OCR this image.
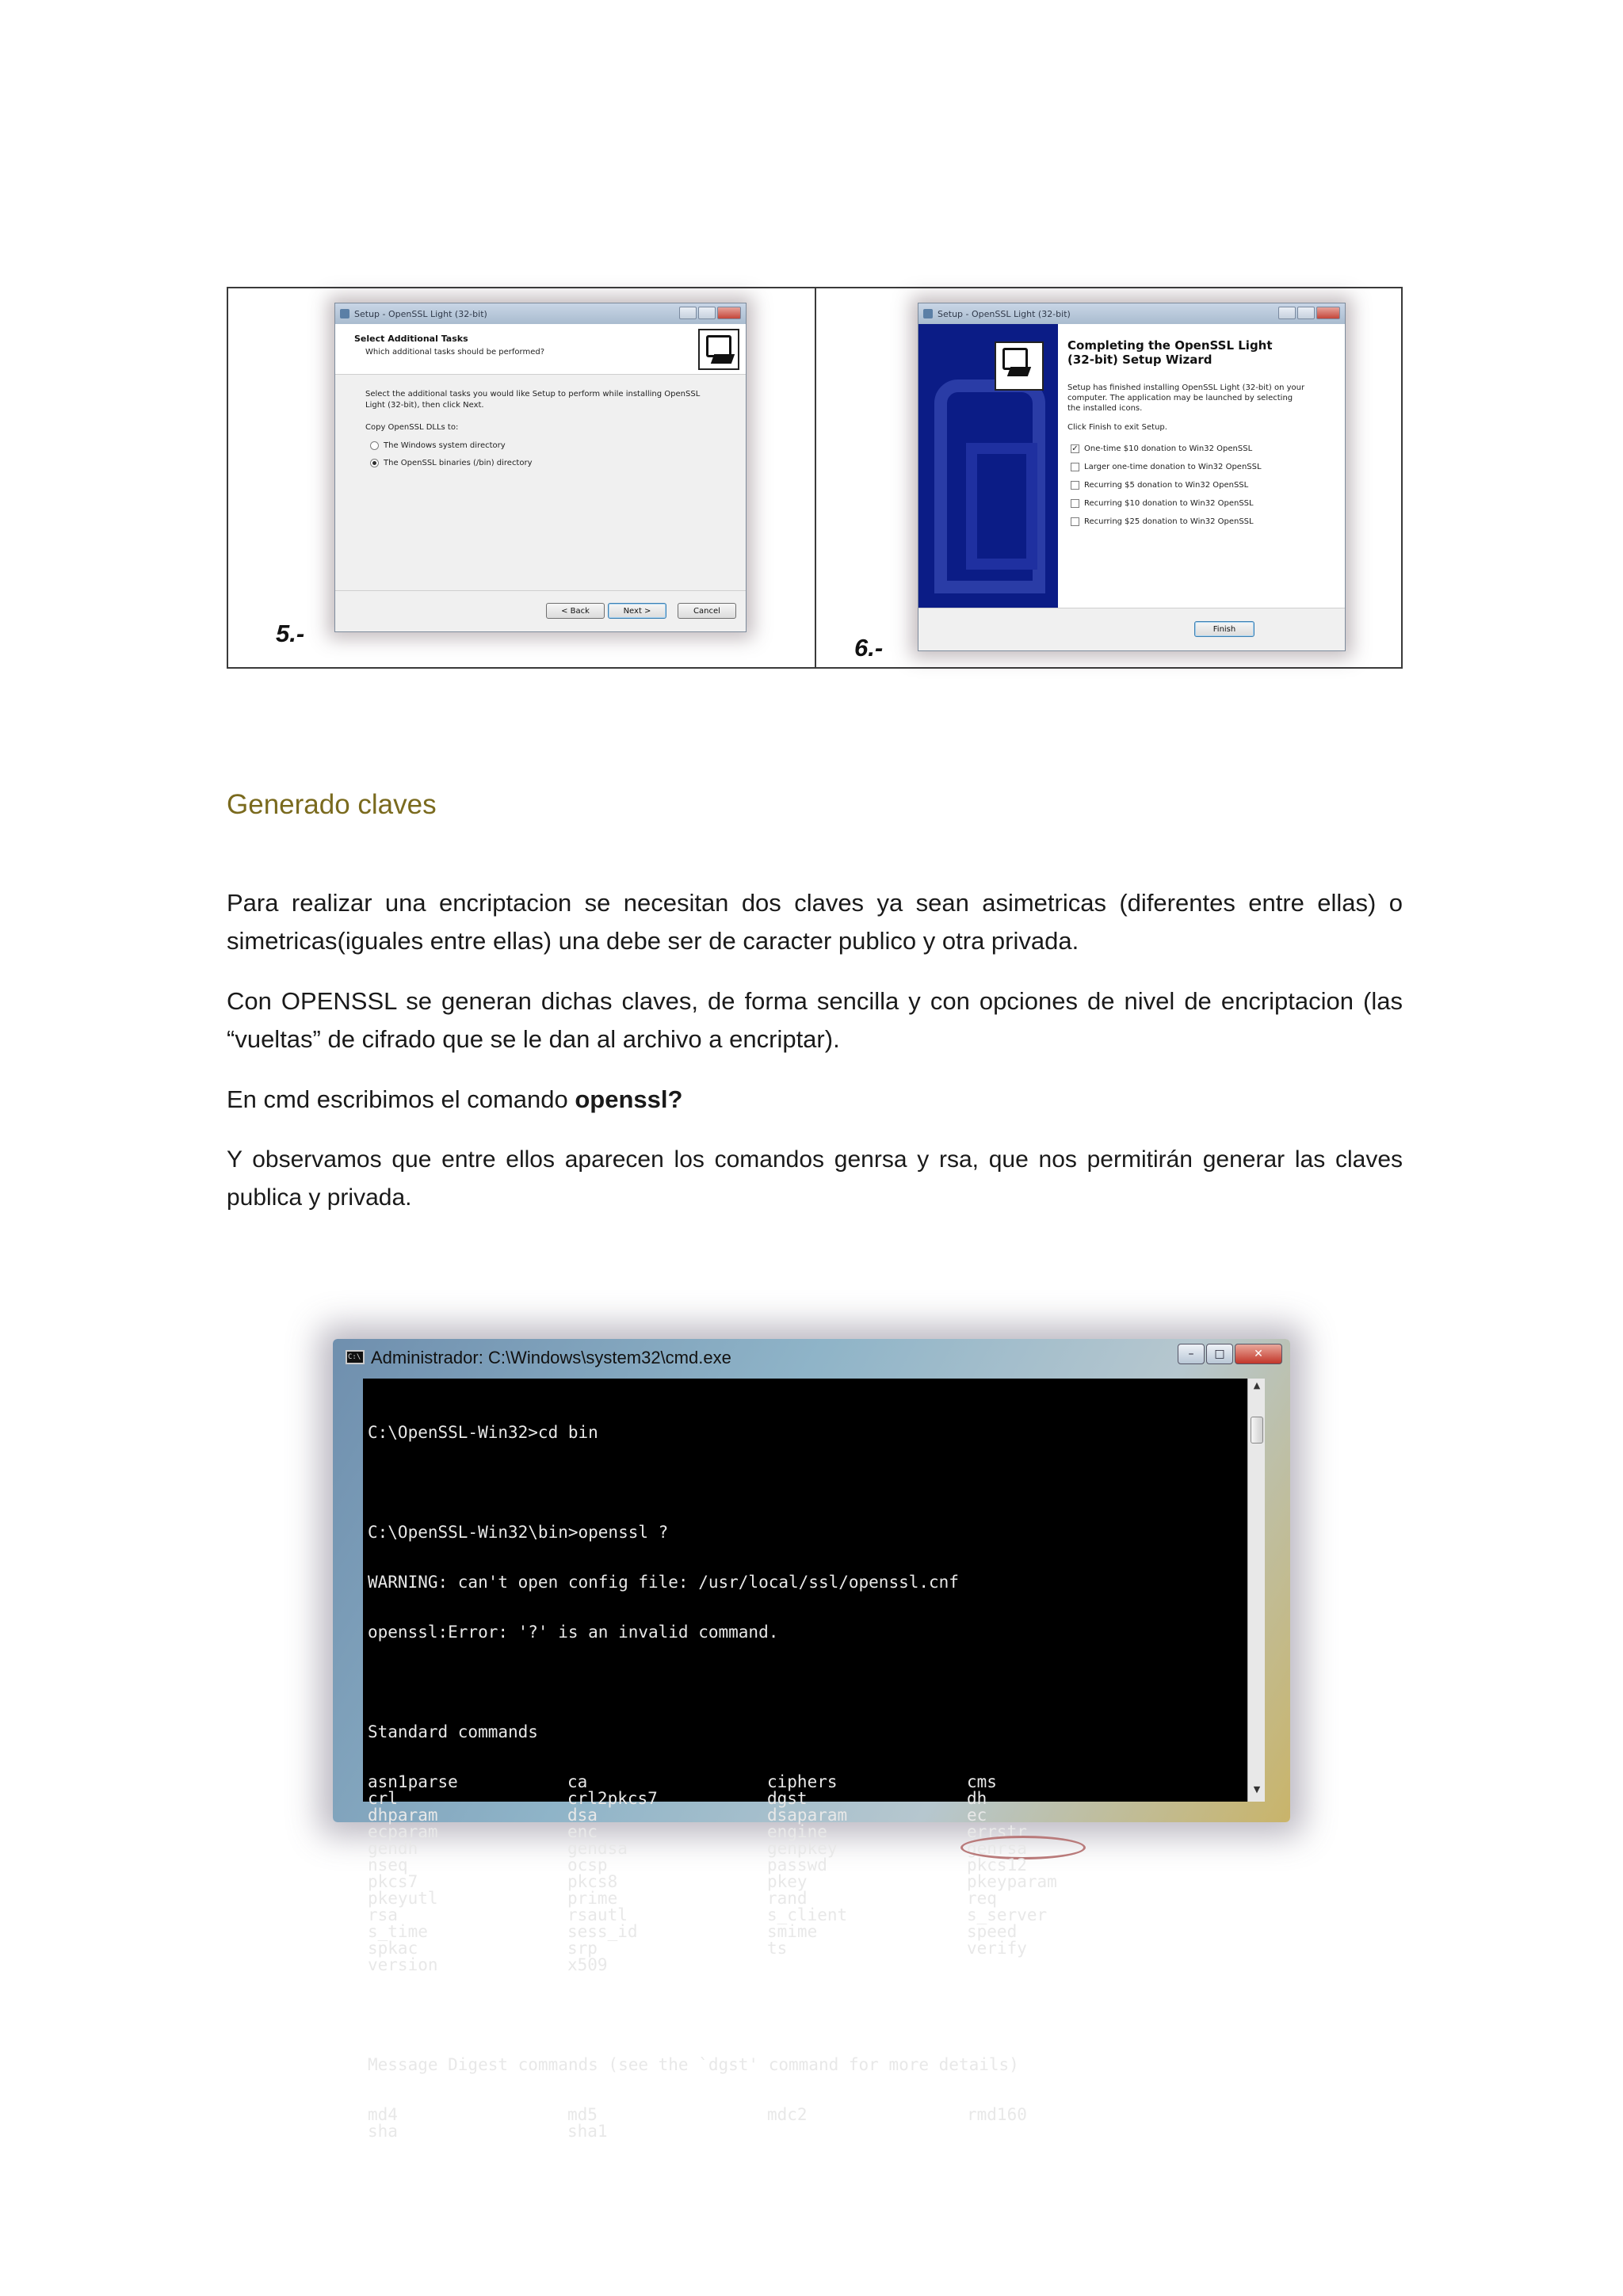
Setup - OpenSSL Light (32-bit)
Select Additional Tasks
Which additional tasks should be performed?
Select the additional tasks you would like Setup to perform while installing OpenSSL Light (32-bit), then click Next.
Copy OpenSSL DLLs to:
The Windows system directory
The OpenSSL binaries (/bin) directory
< Back	Next >	Cancel
5.-
Setup - OpenSSL Light (32-bit)
Completing the OpenSSL Light
(32-bit) Setup Wizard
Setup has finished installing OpenSSL Light (32-bit) on your computer. The application may be launched by selecting the installed icons.
Click Finish to exit Setup.
✓ One-time $10 donation to Win32 OpenSSL
Larger one-time donation to Win32 OpenSSL
Recurring $5 donation to Win32 OpenSSL
Recurring $10 donation to Win32 OpenSSL
Recurring $25 donation to Win32 OpenSSL
Finish
6.-
Generado claves
Para realizar una encriptacion se necesitan dos claves ya sean asimetricas (diferentes entre ellas) o simetricas(iguales entre ellas) una debe ser de caracter publico y otra privada.
Con OPENSSL se generan dichas claves, de forma sencilla y con opciones de nivel de encriptacion (las “vueltas” de cifrado que se le dan al archivo a encriptar).
En cmd escribimos el comando openssl?
Y observamos que entre ellos aparecen los comandos genrsa y rsa, que nos permitirán generar las claves publica y privada.
C:\ Administrador: C:\Windows\system32\cmd.exe	–	□	✕

C:\OpenSSL-Win32>cd bin

C:\OpenSSL-Win32\bin>openssl ?

WARNING: can't open config file: /usr/local/ssl/openssl.cnf

openssl:Error: '?' is an invalid command.

Standard commands

asn1parse	ca	ciphers	cms
crl	crl2pkcs7	dgst	dh
dhparam	dsa	dsaparam	ec
ecparam	enc	engine	errstr
gendh	gendsa	genpkey	genrsa
nseq	ocsp	passwd	pkcs12
pkcs7	pkcs8	pkey	pkeyparam
pkeyutl	prime	rand	req
rsa	rsautl	s_client	s_server
s_time	sess_id	smime	speed
spkac	srp	ts	verify
version	x509

Message Digest commands (see the `dgst' command for more details)

md4	md5	mdc2	rmd160
sha	sha1

▲
▼
